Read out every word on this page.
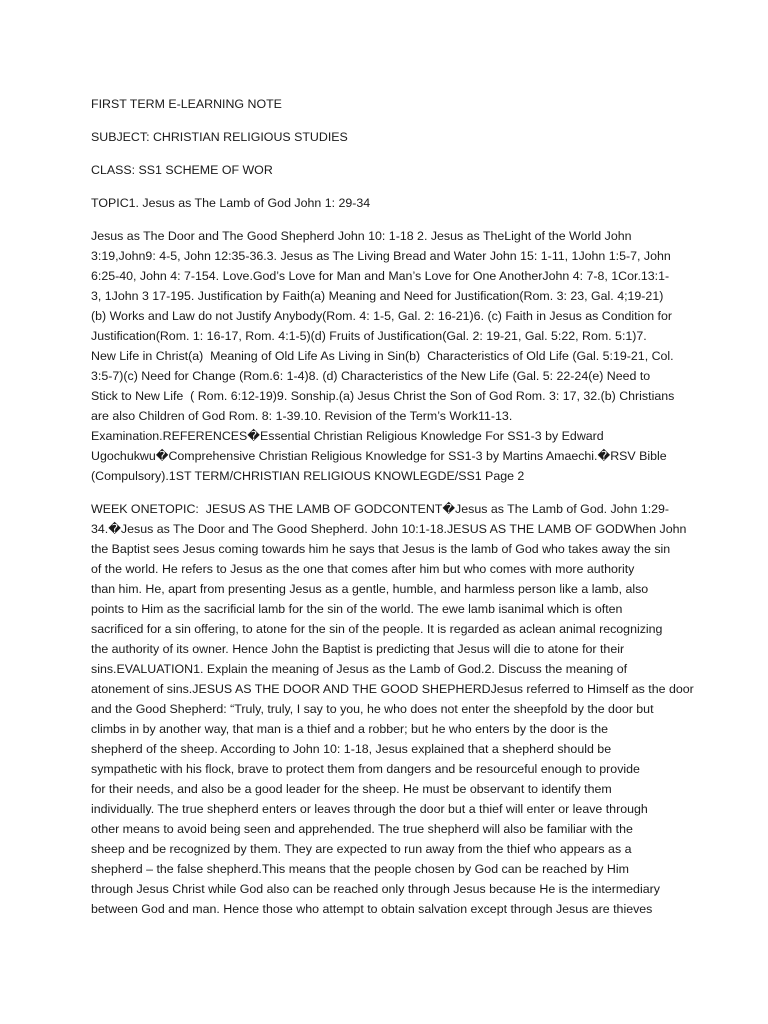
FIRST TERM E-LEARNING NOTE
SUBJECT: CHRISTIAN RELIGIOUS STUDIES
CLASS: SS1 SCHEME OF WOR
TOPIC1. Jesus as The Lamb of God John 1: 29-34
Jesus as The Door and The Good Shepherd John 10: 1-18 2. Jesus as TheLight of the World John
3:19,John9: 4-5, John 12:35-36.3. Jesus as The Living Bread and Water John 15: 1-11, 1John 1:5-7, John
6:25-40, John 4: 7-154. Love.God’s Love for Man and Man’s Love for One AnotherJohn 4: 7-8, 1Cor.13:1-
3, 1John 3 17-195. Justification by Faith(a) Meaning and Need for Justification(Rom. 3: 23, Gal. 4;19-21)
(b) Works and Law do not Justify Anybody(Rom. 4: 1-5, Gal. 2: 16-21)6. (c) Faith in Jesus as Condition for
Justification(Rom. 1: 16-17, Rom. 4:1-5)(d) Fruits of Justification(Gal. 2: 19-21, Gal. 5:22, Rom. 5:1)7.
New Life in Christ(a)  Meaning of Old Life As Living in Sin(b)  Characteristics of Old Life (Gal. 5:19-21, Col.
3:5-7)(c) Need for Change (Rom.6: 1-4)8. (d) Characteristics of the New Life (Gal. 5: 22-24(e) Need to
Stick to New Life  ( Rom. 6:12-19)9. Sonship.(a) Jesus Christ the Son of God Rom. 3: 17, 32.(b) Christians
are also Children of God Rom. 8: 1-39.10. Revision of the Term’s Work11-13.
Examination.REFERENCES�Essential Christian Religious Knowledge For SS1-3 by Edward
Ugochukwu�Comprehensive Christian Religious Knowledge for SS1-3 by Martins Amaechi.�RSV Bible
(Compulsory).1ST TERM/CHRISTIAN RELIGIOUS KNOWLEGDE/SS1 Page 2
WEEK ONETOPIC:  JESUS AS THE LAMB OF GODCONTENT�Jesus as The Lamb of God. John 1:29-
34.�Jesus as The Door and The Good Shepherd. John 10:1-18.JESUS AS THE LAMB OF GODWhen John
the Baptist sees Jesus coming towards him he says that Jesus is the lamb of God who takes away the sin
of the world. He refers to Jesus as the one that comes after him but who comes with more authority
than him. He, apart from presenting Jesus as a gentle, humble, and harmless person like a lamb, also
points to Him as the sacrificial lamb for the sin of the world. The ewe lamb isanimal which is often
sacrificed for a sin offering, to atone for the sin of the people. It is regarded as aclean animal recognizing
the authority of its owner. Hence John the Baptist is predicting that Jesus will die to atone for their
sins.EVALUATION1. Explain the meaning of Jesus as the Lamb of God.2. Discuss the meaning of
atonement of sins.JESUS AS THE DOOR AND THE GOOD SHEPHERDJesus referred to Himself as the door
and the Good Shepherd: “Truly, truly, I say to you, he who does not enter the sheepfold by the door but
climbs in by another way, that man is a thief and a robber; but he who enters by the door is the
shepherd of the sheep. According to John 10: 1-18, Jesus explained that a shepherd should be
sympathetic with his flock, brave to protect them from dangers and be resourceful enough to provide
for their needs, and also be a good leader for the sheep. He must be observant to identify them
individually. The true shepherd enters or leaves through the door but a thief will enter or leave through
other means to avoid being seen and apprehended. The true shepherd will also be familiar with the
sheep and be recognized by them. They are expected to run away from the thief who appears as a
shepherd – the false shepherd.This means that the people chosen by God can be reached by Him
through Jesus Christ while God also can be reached only through Jesus because He is the intermediary
between God and man. Hence those who attempt to obtain salvation except through Jesus are thieves
